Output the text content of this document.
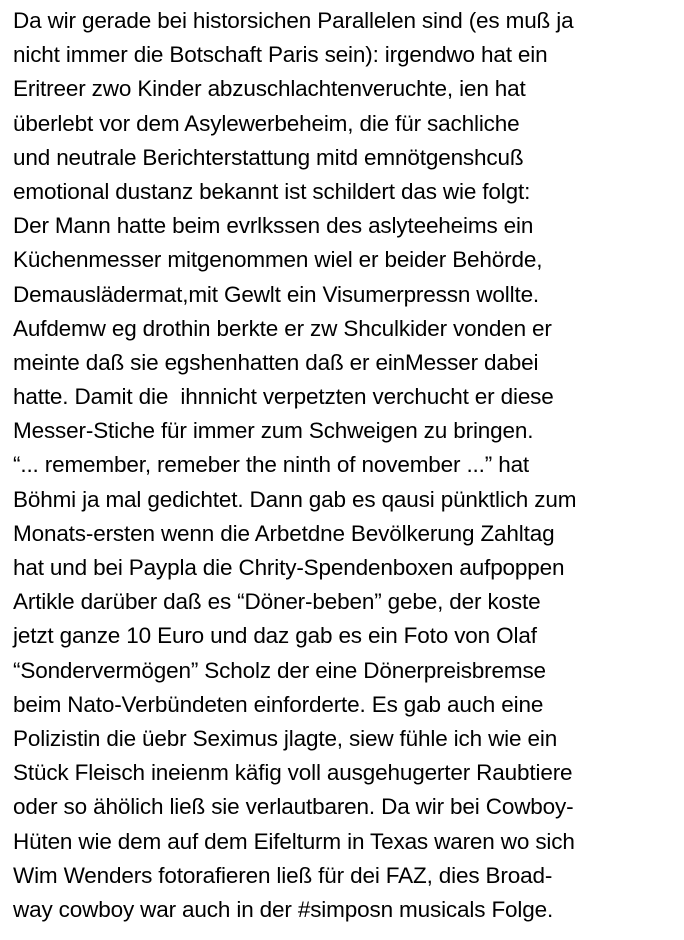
Da wir gerade bei historsichen Parallelen sind (es muß ja
nicht immer die Botschaft Paris sein): irgendwo hat ein
Eritreer zwo Kinder abzuschlachtenveruchte, ien hat
überlebt vor dem Asylewerbeheim, die für sachliche
und neutrale Berichterstattung mitd emnötgenshcuß
emotional dustanz bekannt ist schildert das wie folgt:
Der Mann hatte beim evrlkssen des aslyteeheims ein
Küchenmesser mitgenommen wiel er beider Behörde,
Demauslädermat,mit Gewlt ein Visumerpressn wollte.
Aufdemw eg drothin berkte er zw Shculkider vonden er
meinte daß sie egshenhatten daß er einMesser dabei
hatte. Damit die  ihnnicht verpetzten verchucht er diese
Messer-Stiche für immer zum Schweigen zu bringen.
“... remember, remeber the ninth of november ...” hat
Böhmi ja mal gedichtet. Dann gab es qausi pünktlich zum
Monats-ersten wenn die Arbetdne Bevölkerung Zahltag
hat und bei Paypla die Chrity-Spendenboxen aufpoppen
Artikle darüber daß es “Döner-beben” gebe, der koste
jetzt ganze 10 Euro und daz gab es ein Foto von Olaf
“Sondervermögen” Scholz der eine Dönerpreisbremse
beim Nato-Verbündeten einforderte. Es gab auch eine
Polizistin die üebr Seximus jlagte, siew fühle ich wie ein
Stück Fleisch ineienm käfig voll ausgehugerter Raubtiere
oder so ähölich ließ sie verlautbaren. Da wir bei Cowboy-
Hüten wie dem auf dem Eifelturm in Texas waren wo sich
Wim Wenders fotorafieren ließ für dei FAZ, dies Broad-
way cowboy war auch in der #simposn musicals Folge.
